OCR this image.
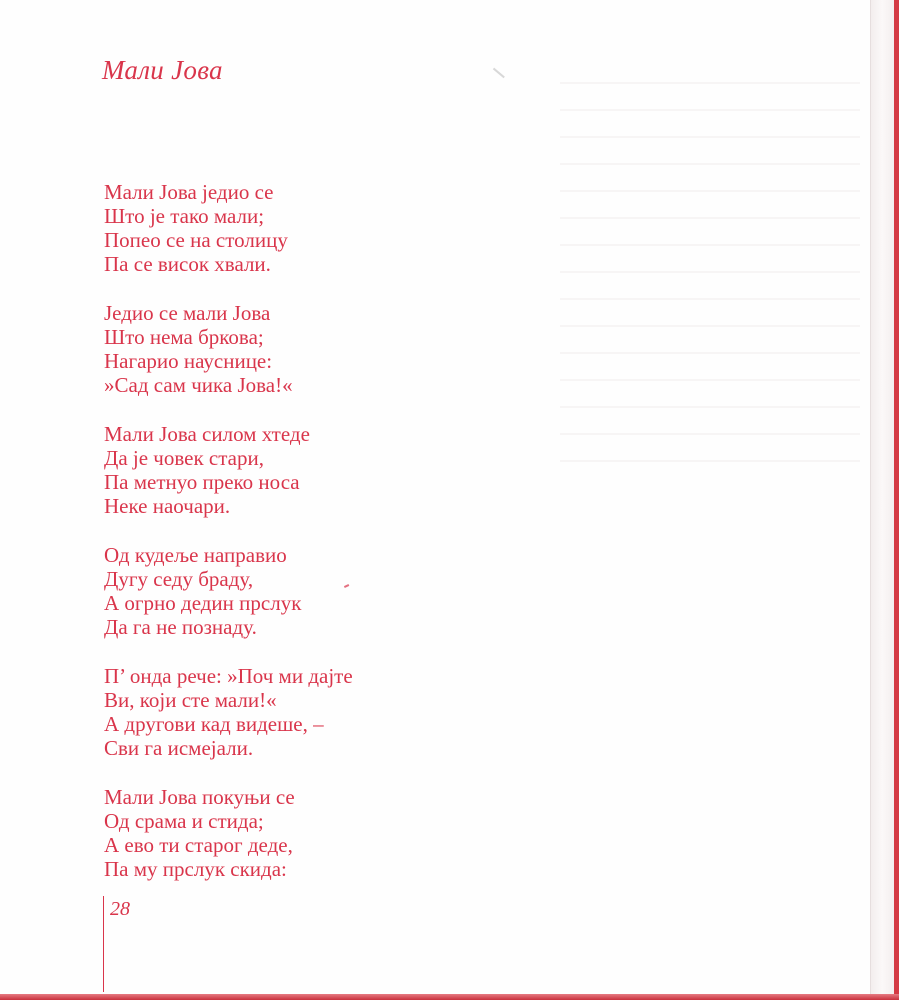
Мали Јова
Мали Јова једио се
Што је тако мали;
Попео се на столицу
Па се висок хвали.
Једио се мали Јова
Што нема бркова;
Нагарио науснице:
»Сад сам чика Јова!«
Мали Јова силом хтеде
Да је човек стари,
Па метнуо преко носа
Неке наочари.
Од кудеље направио
Дугу седу браду,
А огрно дедин прслук
Да га не познаду.
П’ онда рече: »Поч ми дајте
Ви, који сте мали!«
А другови кад видеше, –
Сви га исмејали.
Мали Јова покуњи се
Од срама и стида;
А ево ти старог деде,
Па му прслук скида:
28
